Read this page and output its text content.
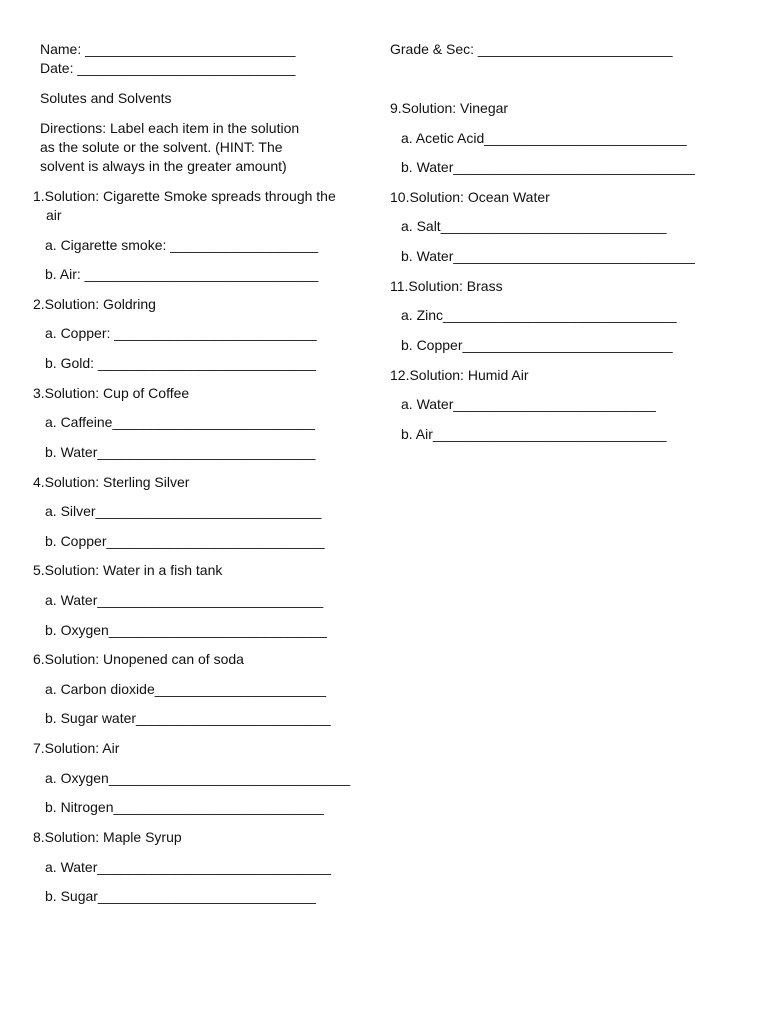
Name: ___________________________
Date: ____________________________
Grade & Sec: _________________________
Solutes and Solvents
Directions: Label each item in the solution
as the solute or the solvent. (HINT: The
solvent is always in the greater amount)
1.Solution: Cigarette Smoke spreads through the
air
a. Cigarette smoke: ___________________
b. Air: ______________________________
2.Solution: Goldring
a. Copper: __________________________
b. Gold: ____________________________
3.Solution: Cup of Coffee
a. Caffeine__________________________
b. Water____________________________
4.Solution: Sterling Silver
a. Silver_____________________________
b. Copper____________________________
5.Solution: Water in a fish tank
a. Water_____________________________
b. Oxygen____________________________
6.Solution: Unopened can of soda
a. Carbon dioxide______________________
b. Sugar water_________________________
7.Solution: Air
a. Oxygen_______________________________
b. Nitrogen___________________________
8.Solution: Maple Syrup
a. Water______________________________
b. Sugar____________________________
9.Solution: Vinegar
a. Acetic Acid__________________________
b. Water_______________________________
10.Solution: Ocean Water
a. Salt_____________________________
b. Water_______________________________
11.Solution: Brass
a. Zinc______________________________
b. Copper___________________________
12.Solution: Humid Air
a. Water__________________________
b. Air______________________________
